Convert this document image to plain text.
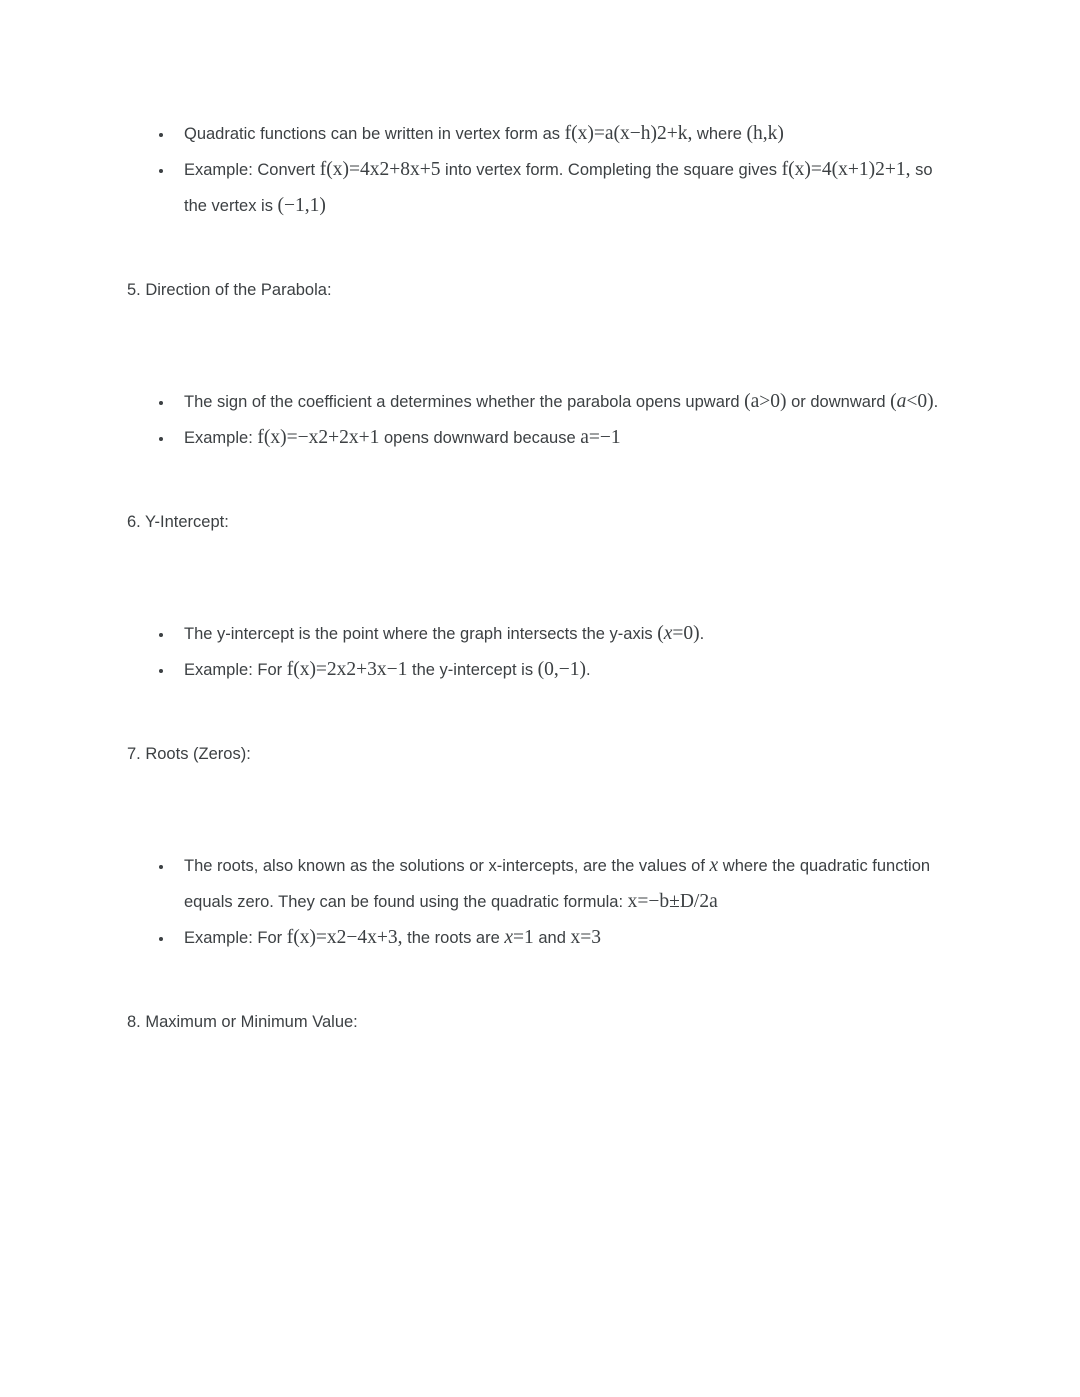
• Quadratic functions can be written in vertex form as f(x)=a(x−h)2+k, where (h,k)
• Example: Convert f(x)=4x2+8x+5 into vertex form. Completing the square gives f(x)=4(x+1)2+1, so the vertex is (−1,1)
5. Direction of the Parabola:
• The sign of the coefficient a determines whether the parabola opens upward (a>0) or downward (a<0).
• Example: f(x)=−x2+2x+1 opens downward because a=−1
6. Y-Intercept:
• The y-intercept is the point where the graph intersects the y-axis (x=0).
• Example: For f(x)=2x2+3x−1 the y-intercept is (0,−1).
7. Roots (Zeros):
• The roots, also known as the solutions or x-intercepts, are the values of x where the quadratic function equals zero. They can be found using the quadratic formula: x=−b±D/2a
• Example: For f(x)=x2−4x+3, the roots are x=1 and x=3
8. Maximum or Minimum Value:
